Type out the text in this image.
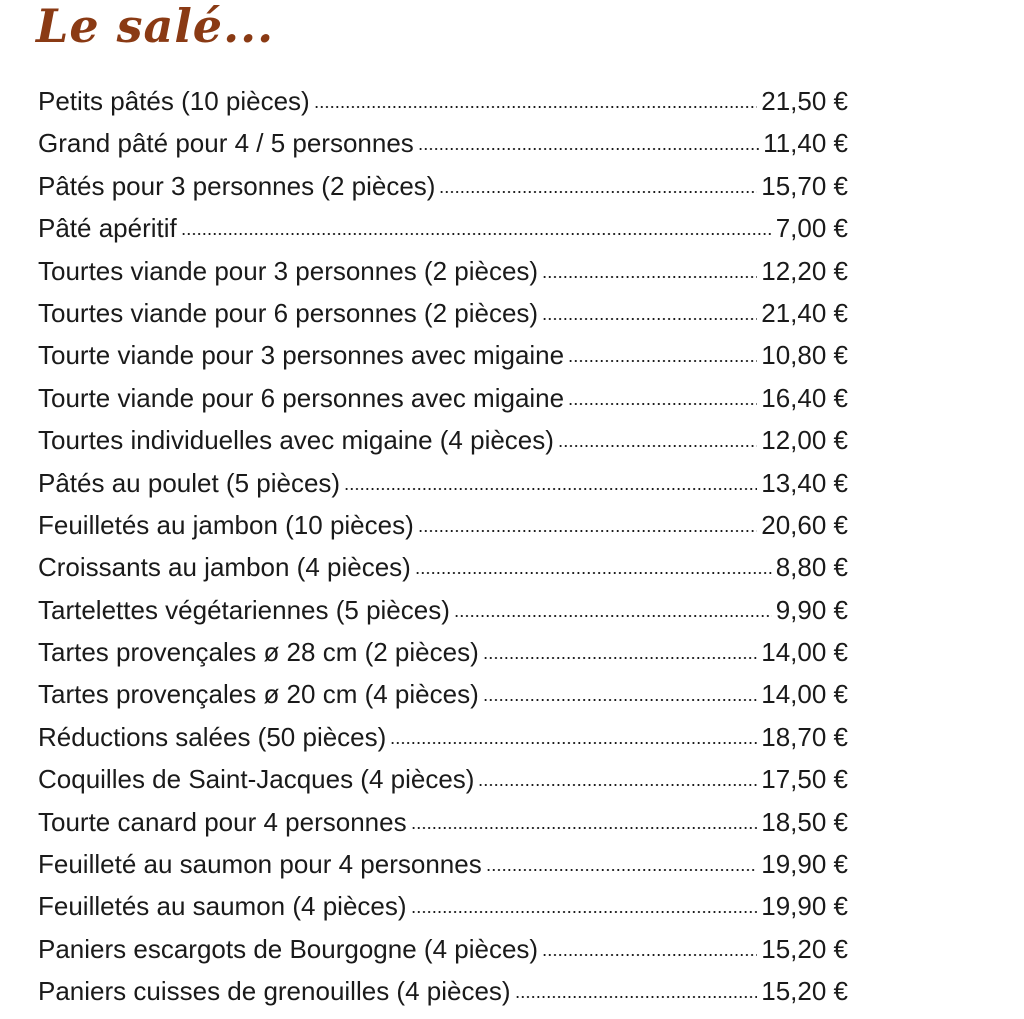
Le salé...
Petits pâtés (10 pièces)	21,50 €
Grand pâté pour 4 / 5 personnes	11,40 €
Pâtés pour 3 personnes (2 pièces)	15,70 €
Pâté apéritif	7,00 €
Tourtes viande pour 3 personnes (2 pièces)	12,20 €
Tourtes viande pour 6 personnes (2 pièces)	21,40 €
Tourte viande pour 3 personnes avec migaine	10,80 €
Tourte viande pour 6 personnes avec migaine	16,40 €
Tourtes individuelles avec migaine (4 pièces)	12,00 €
Pâtés au poulet (5 pièces)	13,40 €
Feuilletés au jambon (10 pièces)	20,60 €
Croissants au jambon (4 pièces)	8,80 €
Tartelettes végétariennes (5 pièces)	9,90 €
Tartes provençales ø 28 cm (2 pièces)	14,00 €
Tartes provençales ø 20 cm (4 pièces)	14,00 €
Réductions salées (50 pièces)	18,70 €
Coquilles de Saint-Jacques (4 pièces)	17,50 €
Tourte canard pour 4 personnes	18,50 €
Feuilleté au saumon pour 4 personnes	19,90 €
Feuilletés au saumon (4 pièces)	19,90 €
Paniers escargots de Bourgogne (4 pièces)	15,20 €
Paniers cuisses de grenouilles (4 pièces)	15,20 €
